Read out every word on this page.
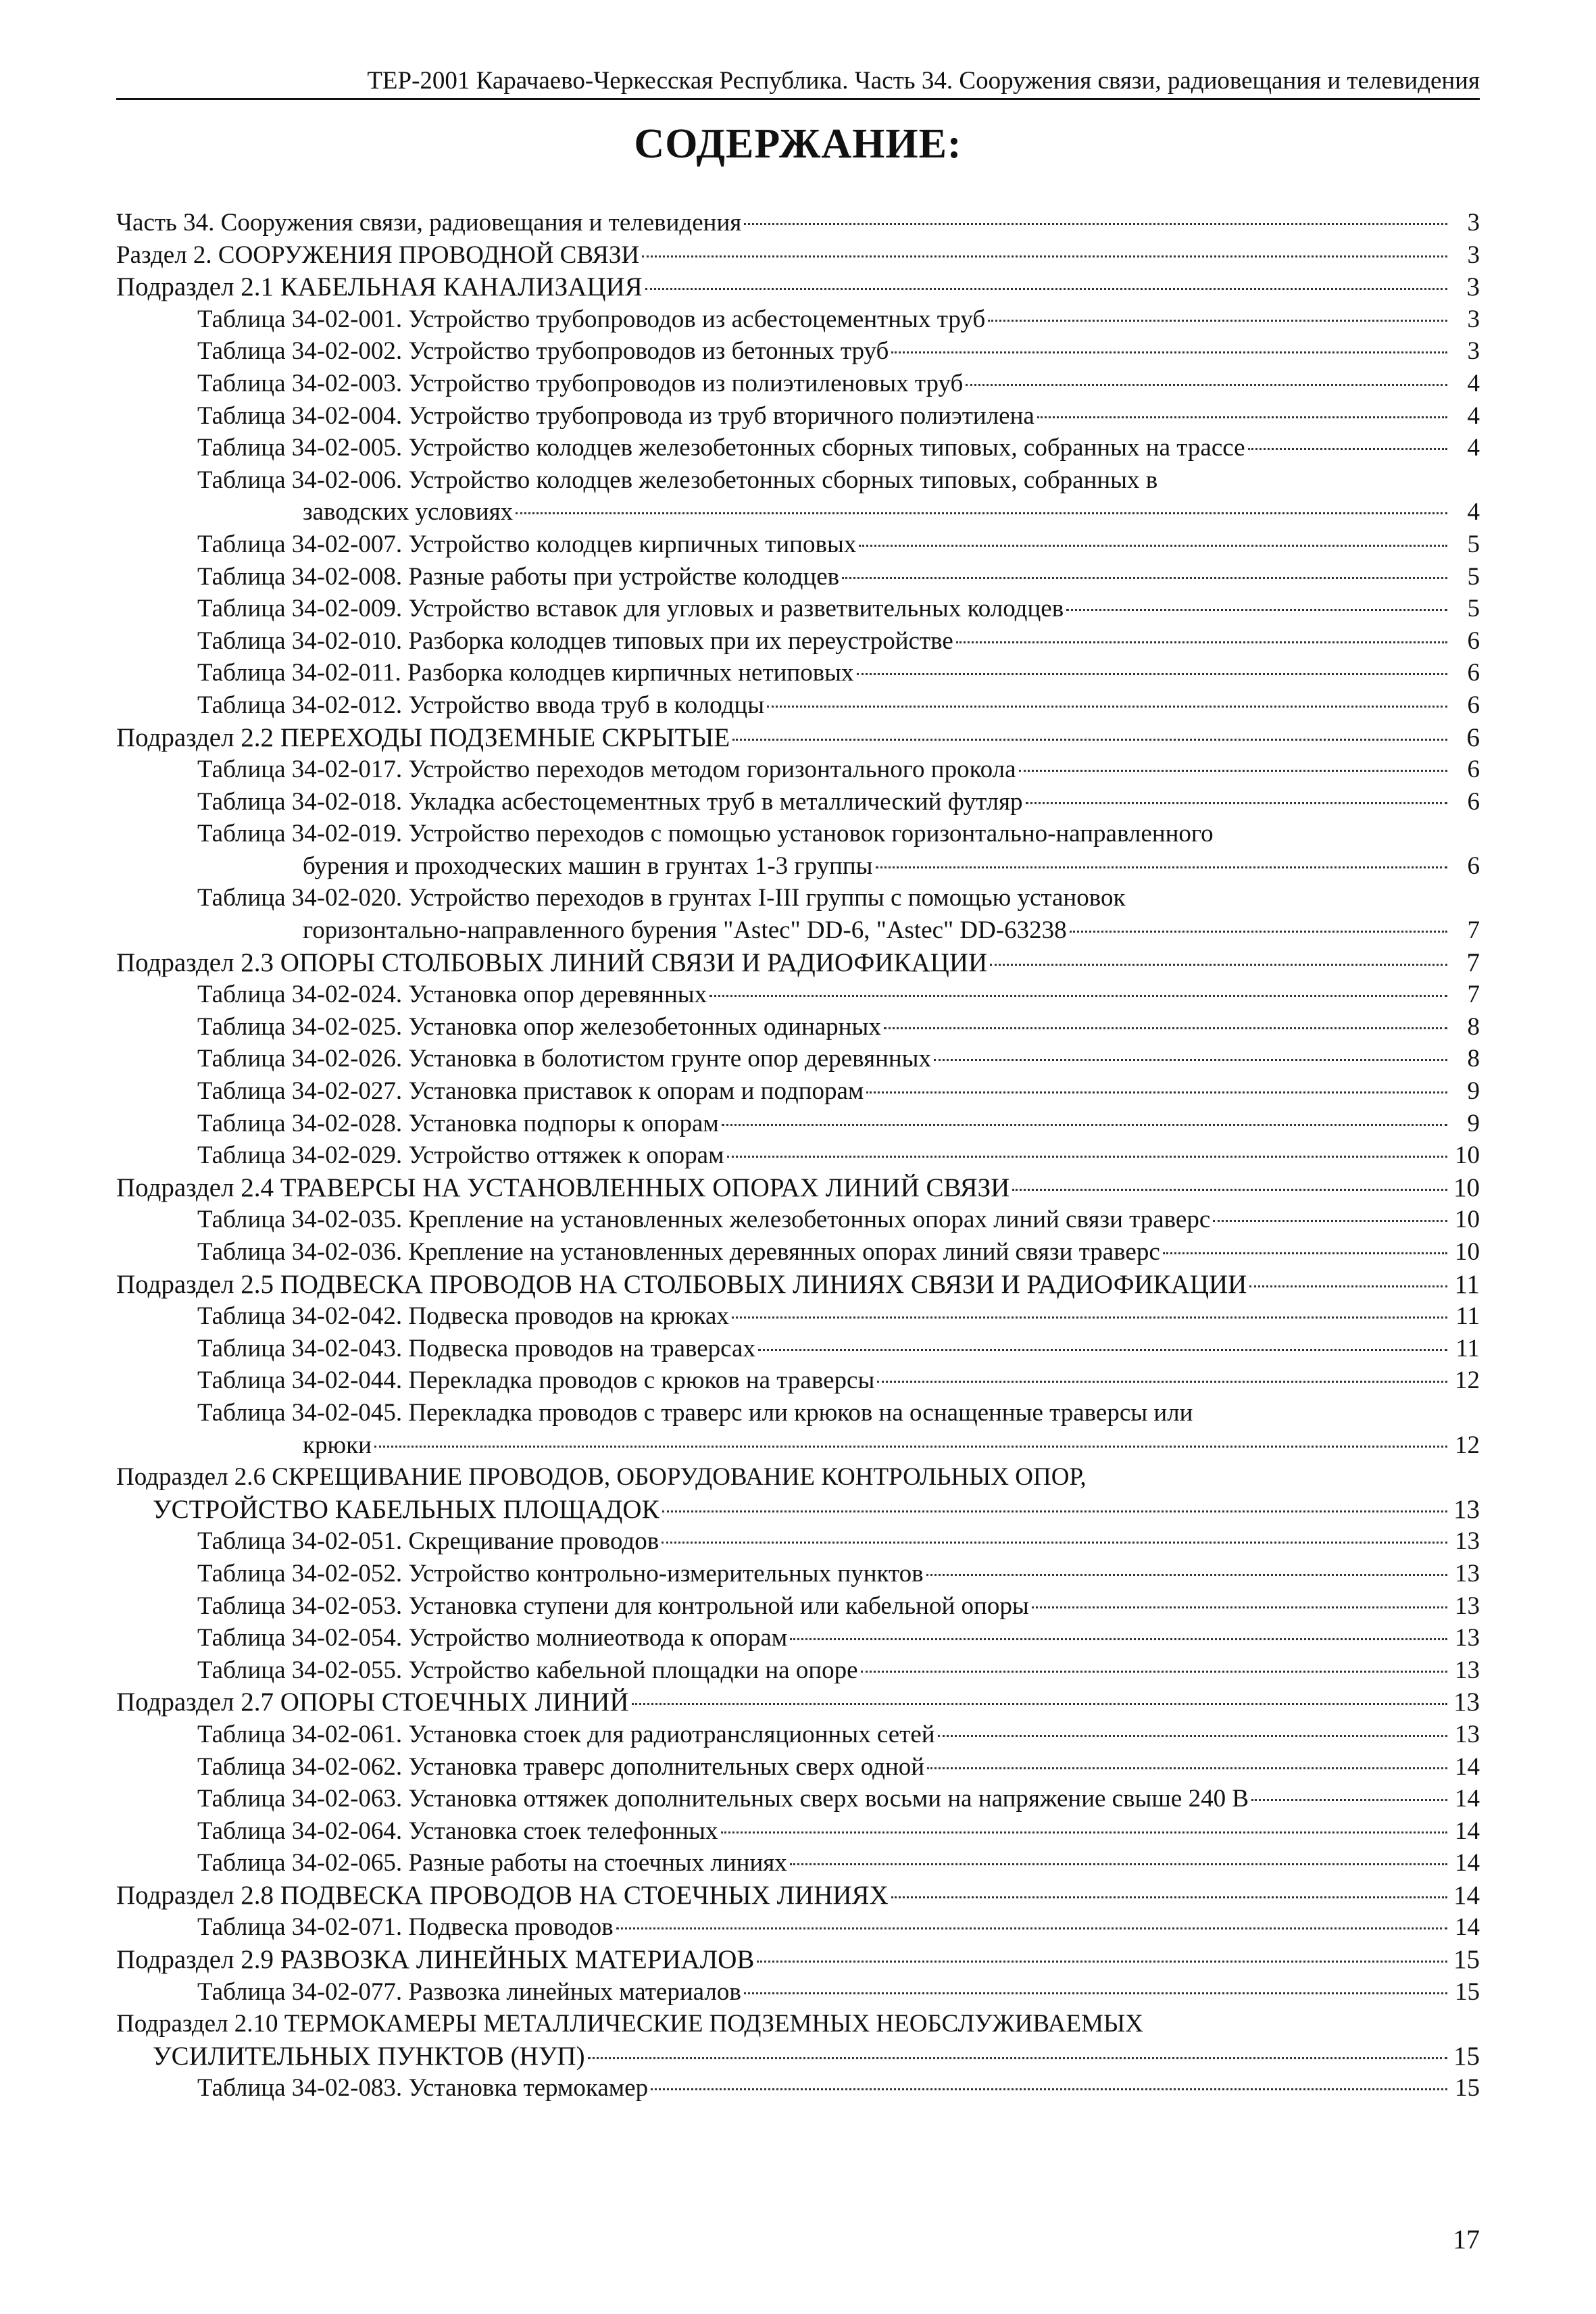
ТЕР-2001 Карачаево-Черкесская Республика. Часть 34. Сооружения связи, радиовещания и телевидения
СОДЕРЖАНИЕ:
Часть 34. Сооружения связи, радиовещания и телевидения	3
Раздел 2. СООРУЖЕНИЯ ПРОВОДНОЙ СВЯЗИ	3
Подраздел 2.1 КАБЕЛЬНАЯ КАНАЛИЗАЦИЯ	3
Таблица 34-02-001. Устройство трубопроводов из асбестоцементных труб	3
Таблица 34-02-002. Устройство трубопроводов из бетонных труб	3
Таблица 34-02-003. Устройство трубопроводов из полиэтиленовых труб	4
Таблица 34-02-004. Устройство трубопровода из труб вторичного полиэтилена	4
Таблица 34-02-005. Устройство колодцев железобетонных сборных типовых, собранных на трассе	4
Таблица 34-02-006. Устройство колодцев железобетонных сборных типовых, собранных в
заводских условиях	4
Таблица 34-02-007. Устройство колодцев кирпичных типовых	5
Таблица 34-02-008. Разные работы при устройстве колодцев	5
Таблица 34-02-009. Устройство вставок для угловых и разветвительных колодцев	5
Таблица 34-02-010. Разборка колодцев типовых при их переустройстве	6
Таблица 34-02-011. Разборка колодцев кирпичных нетиповых	6
Таблица 34-02-012. Устройство ввода труб в колодцы	6
Подраздел 2.2 ПЕРЕХОДЫ ПОДЗЕМНЫЕ СКРЫТЫЕ	6
Таблица 34-02-017. Устройство переходов методом горизонтального прокола	6
Таблица 34-02-018. Укладка асбестоцементных труб в металлический футляр	6
Таблица 34-02-019. Устройство переходов с помощью установок горизонтально-направленного
бурения и проходческих машин в грунтах 1-3 группы	6
Таблица 34-02-020. Устройство переходов в грунтах I-III группы с помощью установок
горизонтально-направленного бурения "Astec" DD-6, "Astec" DD-63238	7
Подраздел 2.3 ОПОРЫ СТОЛБОВЫХ ЛИНИЙ СВЯЗИ И РАДИОФИКАЦИИ	7
Таблица 34-02-024. Установка опор деревянных	7
Таблица 34-02-025. Установка опор железобетонных одинарных	8
Таблица 34-02-026. Установка в болотистом грунте опор деревянных	8
Таблица 34-02-027. Установка приставок к опорам и подпорам	9
Таблица 34-02-028. Установка подпоры к опорам	9
Таблица 34-02-029. Устройство оттяжек к опорам	10
Подраздел 2.4 ТРАВЕРСЫ НА УСТАНОВЛЕННЫХ ОПОРАХ ЛИНИЙ СВЯЗИ	10
Таблица 34-02-035. Крепление на установленных железобетонных опорах линий связи траверс	10
Таблица 34-02-036. Крепление на установленных деревянных опорах линий связи траверс	10
Подраздел 2.5 ПОДВЕСКА ПРОВОДОВ НА СТОЛБОВЫХ ЛИНИЯХ СВЯЗИ И РАДИОФИКАЦИИ	11
Таблица 34-02-042. Подвеска проводов на крюках	11
Таблица 34-02-043. Подвеска проводов на траверсах	11
Таблица 34-02-044. Перекладка проводов с крюков на траверсы	12
Таблица 34-02-045. Перекладка проводов с траверс или крюков на оснащенные траверсы или
крюки	12
Подраздел 2.6 СКРЕЩИВАНИЕ ПРОВОДОВ, ОБОРУДОВАНИЕ КОНТРОЛЬНЫХ ОПОР,
УСТРОЙСТВО КАБЕЛЬНЫХ ПЛОЩАДОК	13
Таблица 34-02-051. Скрещивание проводов	13
Таблица 34-02-052. Устройство контрольно-измерительных пунктов	13
Таблица 34-02-053. Установка ступени для контрольной или кабельной опоры	13
Таблица 34-02-054. Устройство молниеотвода к опорам	13
Таблица 34-02-055. Устройство кабельной площадки на опоре	13
Подраздел 2.7 ОПОРЫ СТОЕЧНЫХ ЛИНИЙ	13
Таблица 34-02-061. Установка стоек для радиотрансляционных сетей	13
Таблица 34-02-062. Установка траверс дополнительных сверх одной	14
Таблица 34-02-063. Установка оттяжек дополнительных сверх восьми на напряжение свыше 240 В	14
Таблица 34-02-064. Установка стоек телефонных	14
Таблица 34-02-065. Разные работы на стоечных линиях	14
Подраздел 2.8 ПОДВЕСКА ПРОВОДОВ НА СТОЕЧНЫХ ЛИНИЯХ	14
Таблица 34-02-071. Подвеска проводов	14
Подраздел 2.9 РАЗВОЗКА ЛИНЕЙНЫХ МАТЕРИАЛОВ	15
Таблица 34-02-077. Развозка линейных материалов	15
Подраздел 2.10 ТЕРМОКАМЕРЫ МЕТАЛЛИЧЕСКИЕ ПОДЗЕМНЫХ НЕОБСЛУЖИВАЕМЫХ
УСИЛИТЕЛЬНЫХ ПУНКТОВ (НУП)	15
Таблица 34-02-083. Установка термокамер	15
17
